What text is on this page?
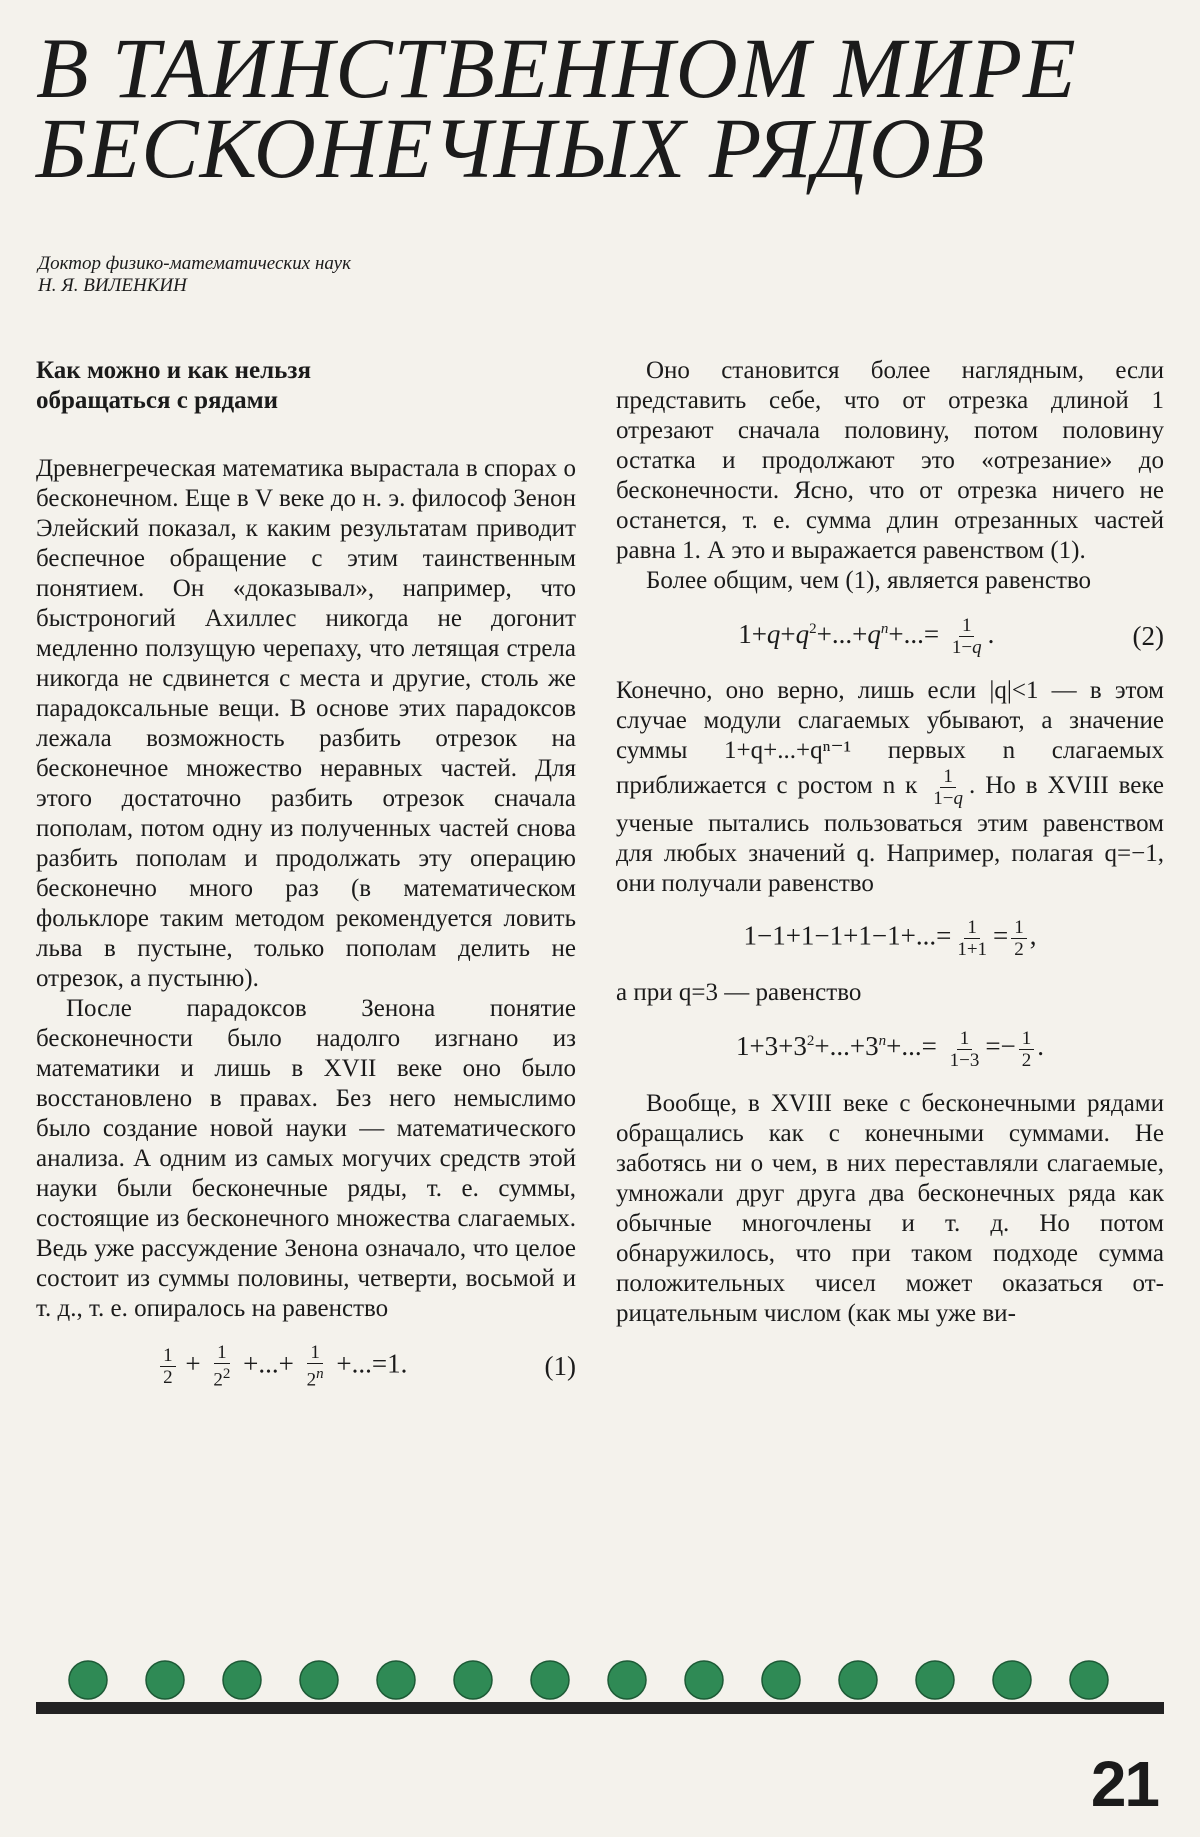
В ТАИНСТВЕННОМ МИРЕ
БЕСКОНЕЧНЫХ РЯДОВ
Доктор физико-математических наук
Н. Я. ВИЛЕНКИН
Как можно и как нельзя
обращаться с рядами

Древнегреческая математика вырастала в спорах о бесконечном. Еще в V веке до н. э. философ Зенон Элейский показал, к каким результатам приводит беспечное обращение с этим таинственным понятием. Он «доказывал», например, что быстроногий Ахиллес никогда не догонит медленно ползущую черепаху, что летящая стрела никогда не сдвинется с места и другие, столь же парадоксальные вещи. В основе этих парадоксов лежала возможность разбить отрезок на бесконечное множество неравных частей. Для этого достаточно разбить отрезок сначала пополам, потом одну из полученных частей снова разбить пополам и продолжать эту операцию бесконечно много раз (в математическом фольклоре таким методом рекомендуется ловить льва в пустыне, только пополам делить не отрезок, а пустыню).

После парадоксов Зенона понятие бесконечности было надолго изгнано из математики и лишь в XVII веке оно было восстановлено в правах. Без него немыслимо было создание новой науки — математического анализа. А одним из самых могучих средств этой науки были бесконечные ряды, т. е. суммы, состоящие из бесконечного множества слагаемых. Ведь уже рассуждение Зенона означало, что целое состоит из суммы половины, четверти, восьмой и т. д., т. е. опиралось на равенство

$\frac{1}{2} + \frac{1}{2^2}$ +...+ $\frac{1}{2^n} +...=1$.	(1)

Оно становится более наглядным, если представить себе, что от отрезка длиной 1 отрезают сначала половину, потом половину остатка и продолжают это «отрезание» до бесконечности. Ясно, что от отрезка ничего не останется, т. е. сумма длин отрезанных частей равна 1. А это и выражается равенством (1).

Более общим, чем (1), является равенство

$1+q+q^2+...+q^n+...= \frac{1}{1-q}$ .	(2)

Конечно, оно верно, лишь если |q|<1 — в этом случае модули слагаемых убывают, а значение суммы 1+q+...+qⁿ⁻¹ первых n слагаемых приближается с ростом n к $\frac{1}{1-q}$ . Но в XVIII веке ученые пытались пользоваться этим равенством для любых значений q. Например, полагая q=−1, они получали равенство

$1-1+1-1+1-1+...= \frac{1}{1+1} = \frac{1}{2}$ ,

а при q=3 — равенство

$1+3+3^2+...+3^n+...= \frac{1}{1-3} =- \frac{1}{2}$ .

Вообще, в XVIII веке с бесконечными рядами обращались как с конечными суммами. Не заботясь ни о чем, в них переставляли слагаемые, умножали друг друга два бесконечных ряда как обычные многочлены и т. д. Но потом обнаружилось, что при таком подходе сумма положительных чисел может оказаться отрицательным числом (как мы уже ви-

21
